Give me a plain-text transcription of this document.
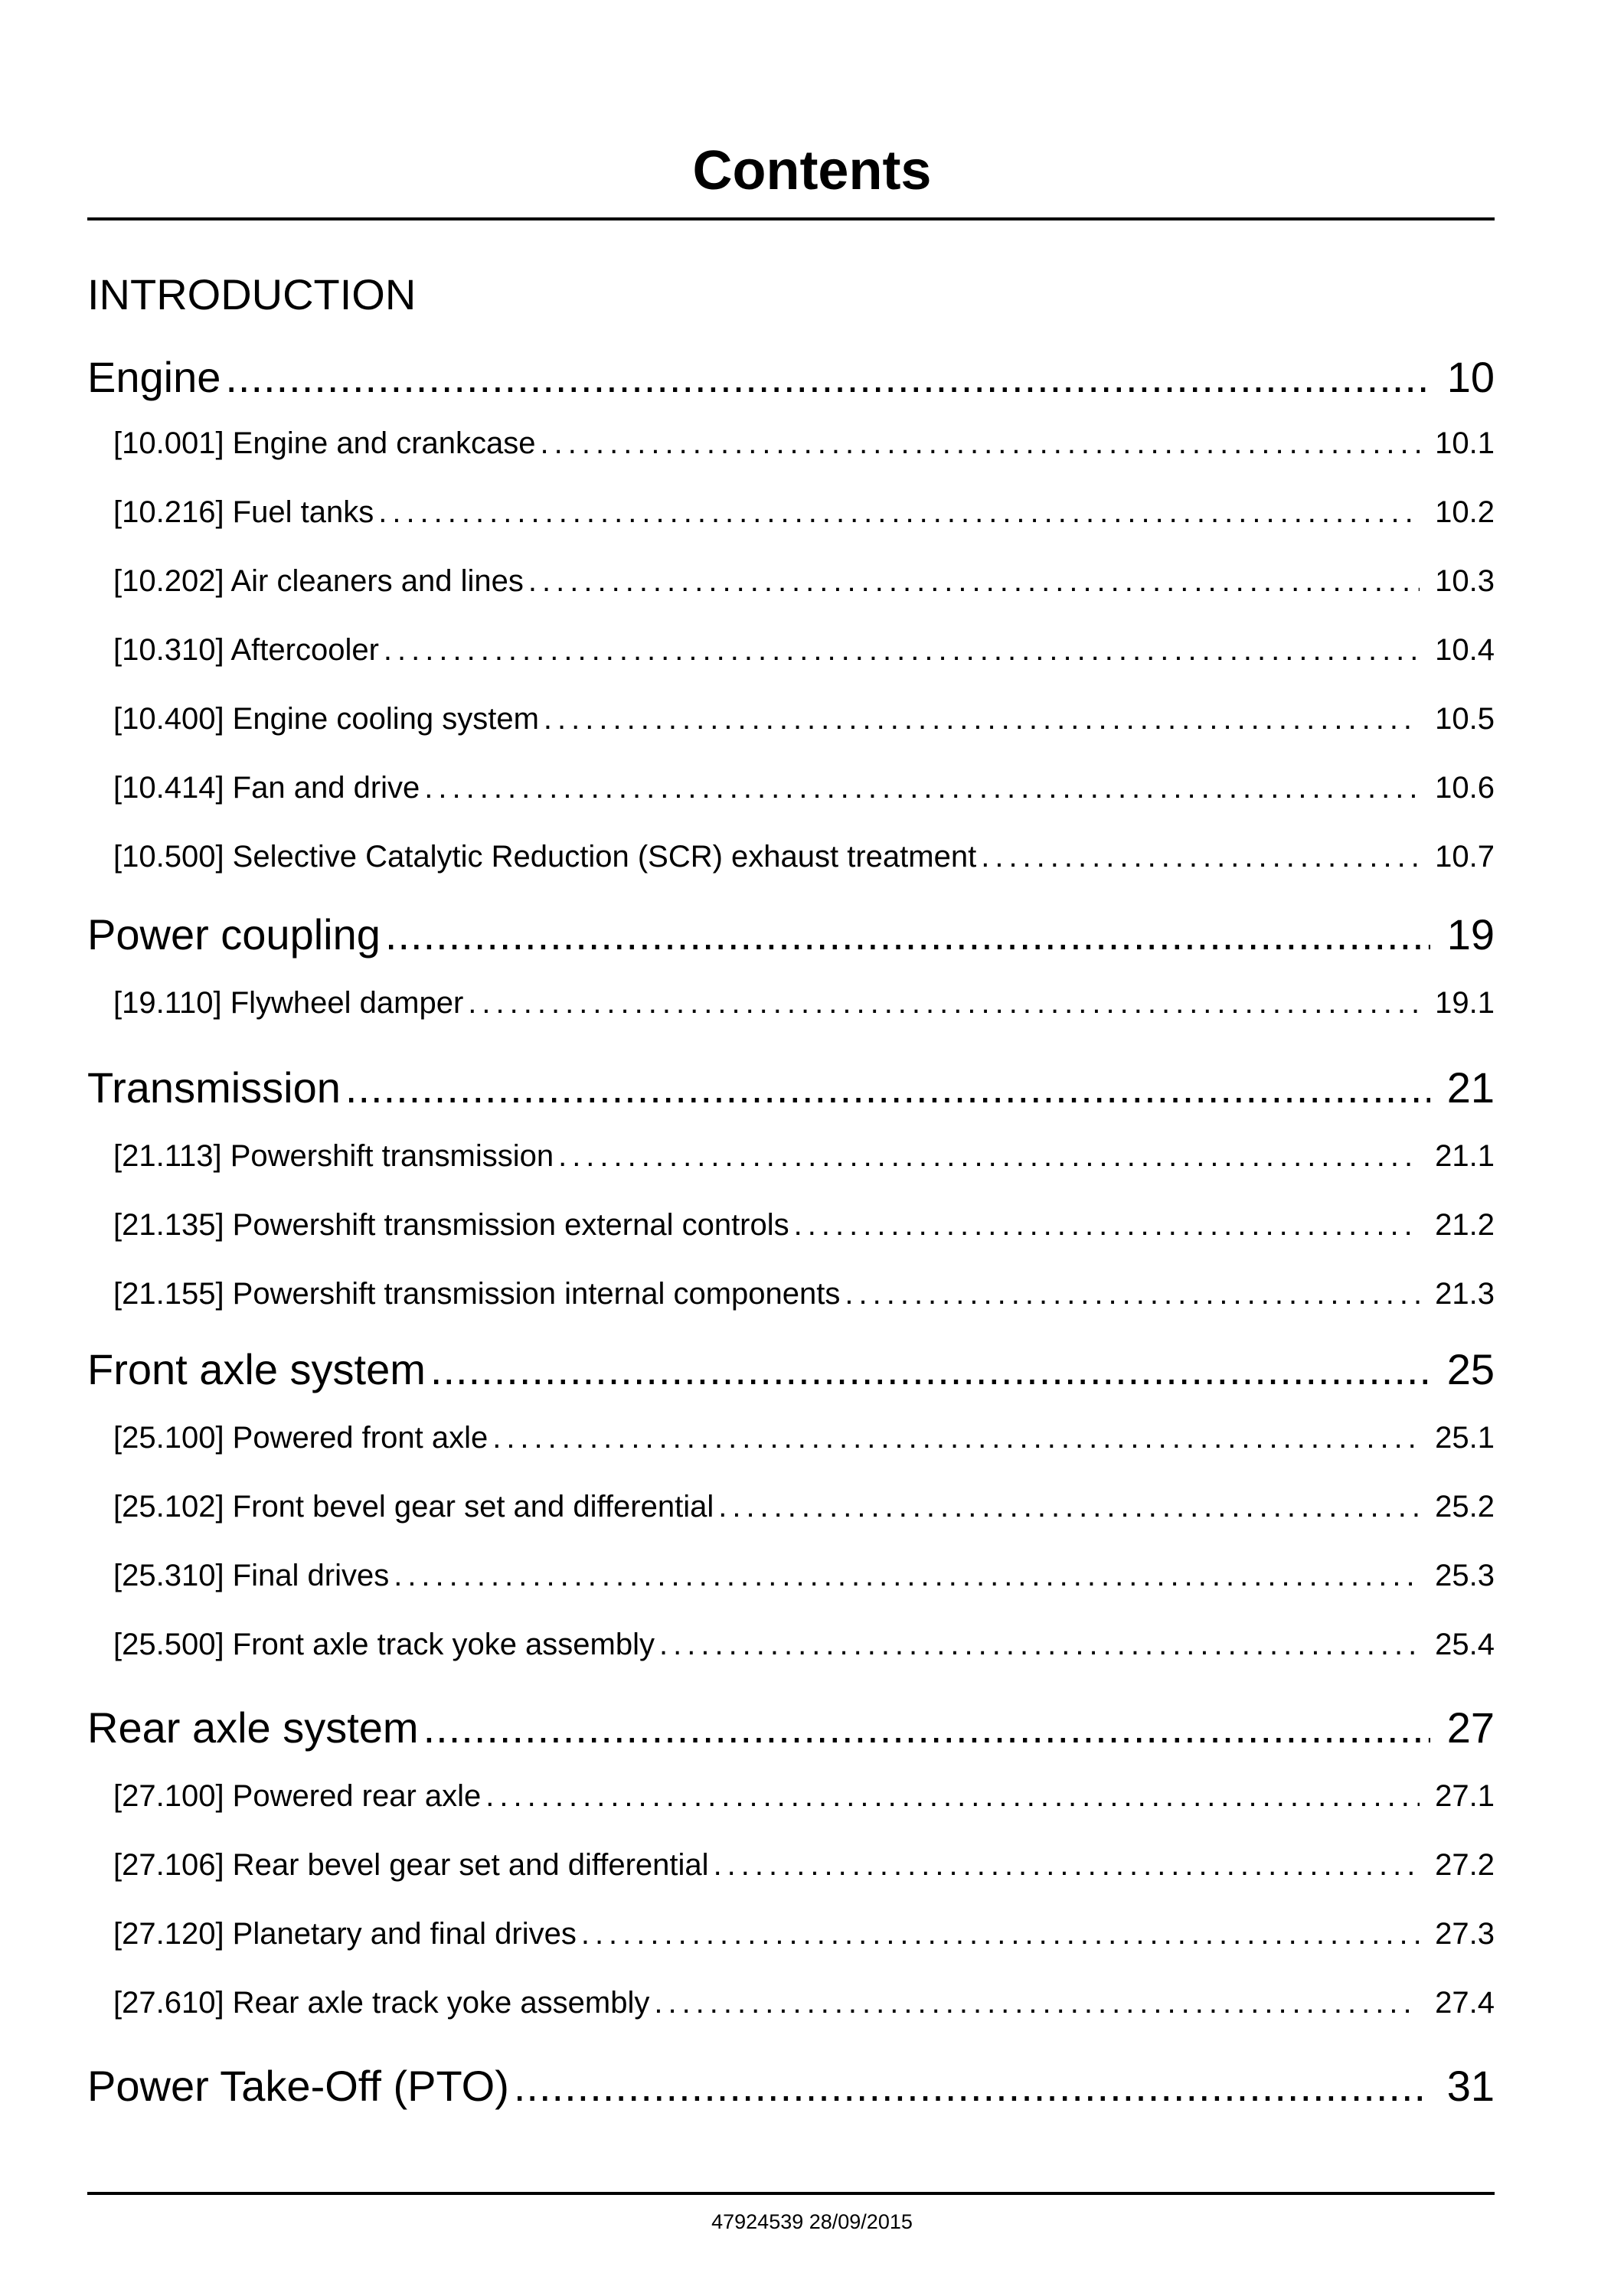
Contents
INTRODUCTION
Engine .....	10
[10.001] Engine and crankcase .....	10.1
[10.216] Fuel tanks .....	10.2
[10.202] Air cleaners and lines .....	10.3
[10.310] Aftercooler .....	10.4
[10.400] Engine cooling system .....	10.5
[10.414] Fan and drive .....	10.6
[10.500] Selective Catalytic Reduction (SCR) exhaust treatment .....	10.7
Power coupling .....	19
[19.110] Flywheel damper .....	19.1
Transmission .....	21
[21.113] Powershift transmission .....	21.1
[21.135] Powershift transmission external controls .....	21.2
[21.155] Powershift transmission internal components .....	21.3
Front axle system .....	25
[25.100] Powered front axle .....	25.1
[25.102] Front bevel gear set and differential .....	25.2
[25.310] Final drives .....	25.3
[25.500] Front axle track yoke assembly .....	25.4
Rear axle system .....	27
[27.100] Powered rear axle .....	27.1
[27.106] Rear bevel gear set and differential .....	27.2
[27.120] Planetary and final drives .....	27.3
[27.610] Rear axle track yoke assembly .....	27.4
Power Take-Off (PTO) .....	31
47924539 28/09/2015
